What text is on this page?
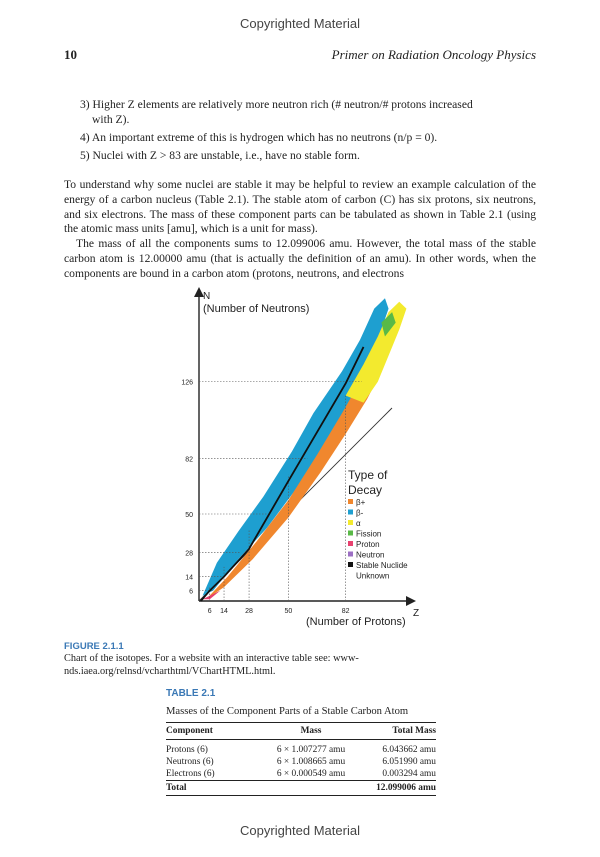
Copyrighted Material
10	Primer on Radiation Oncology Physics
3) Higher Z elements are relatively more neutron rich (# neutron/# protons increased
with Z).
4) An important extreme of this is hydrogen which has no neutrons (n/p = 0).
5) Nuclei with Z > 83 are unstable, i.e., have no stable form.

To understand why some nuclei are stable it may be helpful to review an example calculation of the energy of a carbon nucleus (Table 2.1). The stable atom of carbon (C) has six protons, six neutrons, and six electrons. The mass of these component parts can be tabulated as shown in Table 2.1 (using the atomic mass units [amu], which is a unit for mass).

The mass of all the components sums to 12.099006 amu. However, the total mass of the stable carbon atom is 12.00000 amu (that is actually the definition of an amu). In other words, when the components are bound in a carbon atom (protons, neutrons, and electrons

6
14
28
50
82
126
6 14 28	50	82
N
(Number of Neutrons)
Z
(Number of Protons)
Type of
Decay
β+
β-
α
Fission
Proton
Neutron
Stable Nuclide
Unknown
FIGURE 2.1.1
Chart of the isotopes. For a website with an interactive table see: www-nds.iaea.org/relnsd/vcharthtml/VChartHTML.html.
TABLE 2.1
Masses of the Component Parts of a Stable Carbon Atom
Component	Mass	Total Mass

Protons (6)	6 × 1.007277 amu	6.043662 amu
Neutrons (6)	6 × 1.008665 amu	6.051990 amu
Electrons (6)	6 × 0.000549 amu	0.003294 amu
Total		12.099006 amu
Copyrighted Material
